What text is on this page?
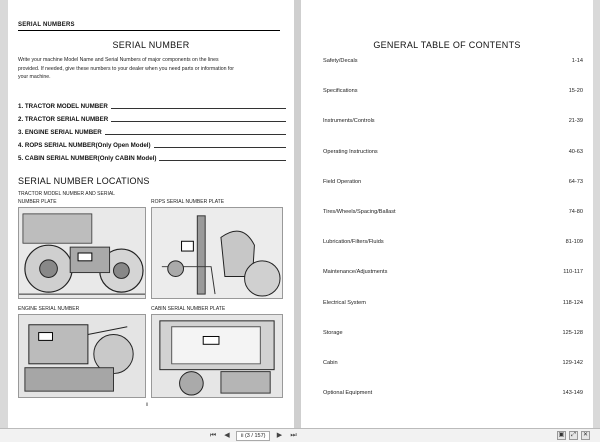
SERIAL NUMBERS
SERIAL NUMBER
Write your machine Model Name and Serial Numbers of major components on the lines
provided. If needed, give these numbers to your dealer when you need parts or information for
your machine.
1. TRACTOR MODEL NUMBER
2. TRACTOR SERIAL NUMBER
3. ENGINE SERIAL NUMBER
4. ROPS SERIAL NUMBER(Only Open Model)
5. CABIN SERIAL NUMBER(Only CABIN Model)
SERIAL NUMBER LOCATIONS
TRACTOR MODEL NUMBER AND SERIAL
NUMBER PLATE	ROPS SERIAL NUMBER PLATE
ENGINE SERIAL NUMBER	CABIN SERIAL NUMBER PLATE
ii
GENERAL TABLE OF CONTENTS
Safety/Decals	1-14
Specifications	15-20
Instruments/Controls	21-39
Operating Instructions	40-63
Field Operation	64-73
Tires/Wheels/Spacing/Ballast	74-80
Lubrication/Filters/Fluids	81-109
Maintenance/Adjustments	110-117
Electrical System	118-124
Storage	125-128
Cabin	129-142
Optional Equipment	143-149
⏮	◀	ii (3 / 157)	▶	⏭	▣	⤢	✕
